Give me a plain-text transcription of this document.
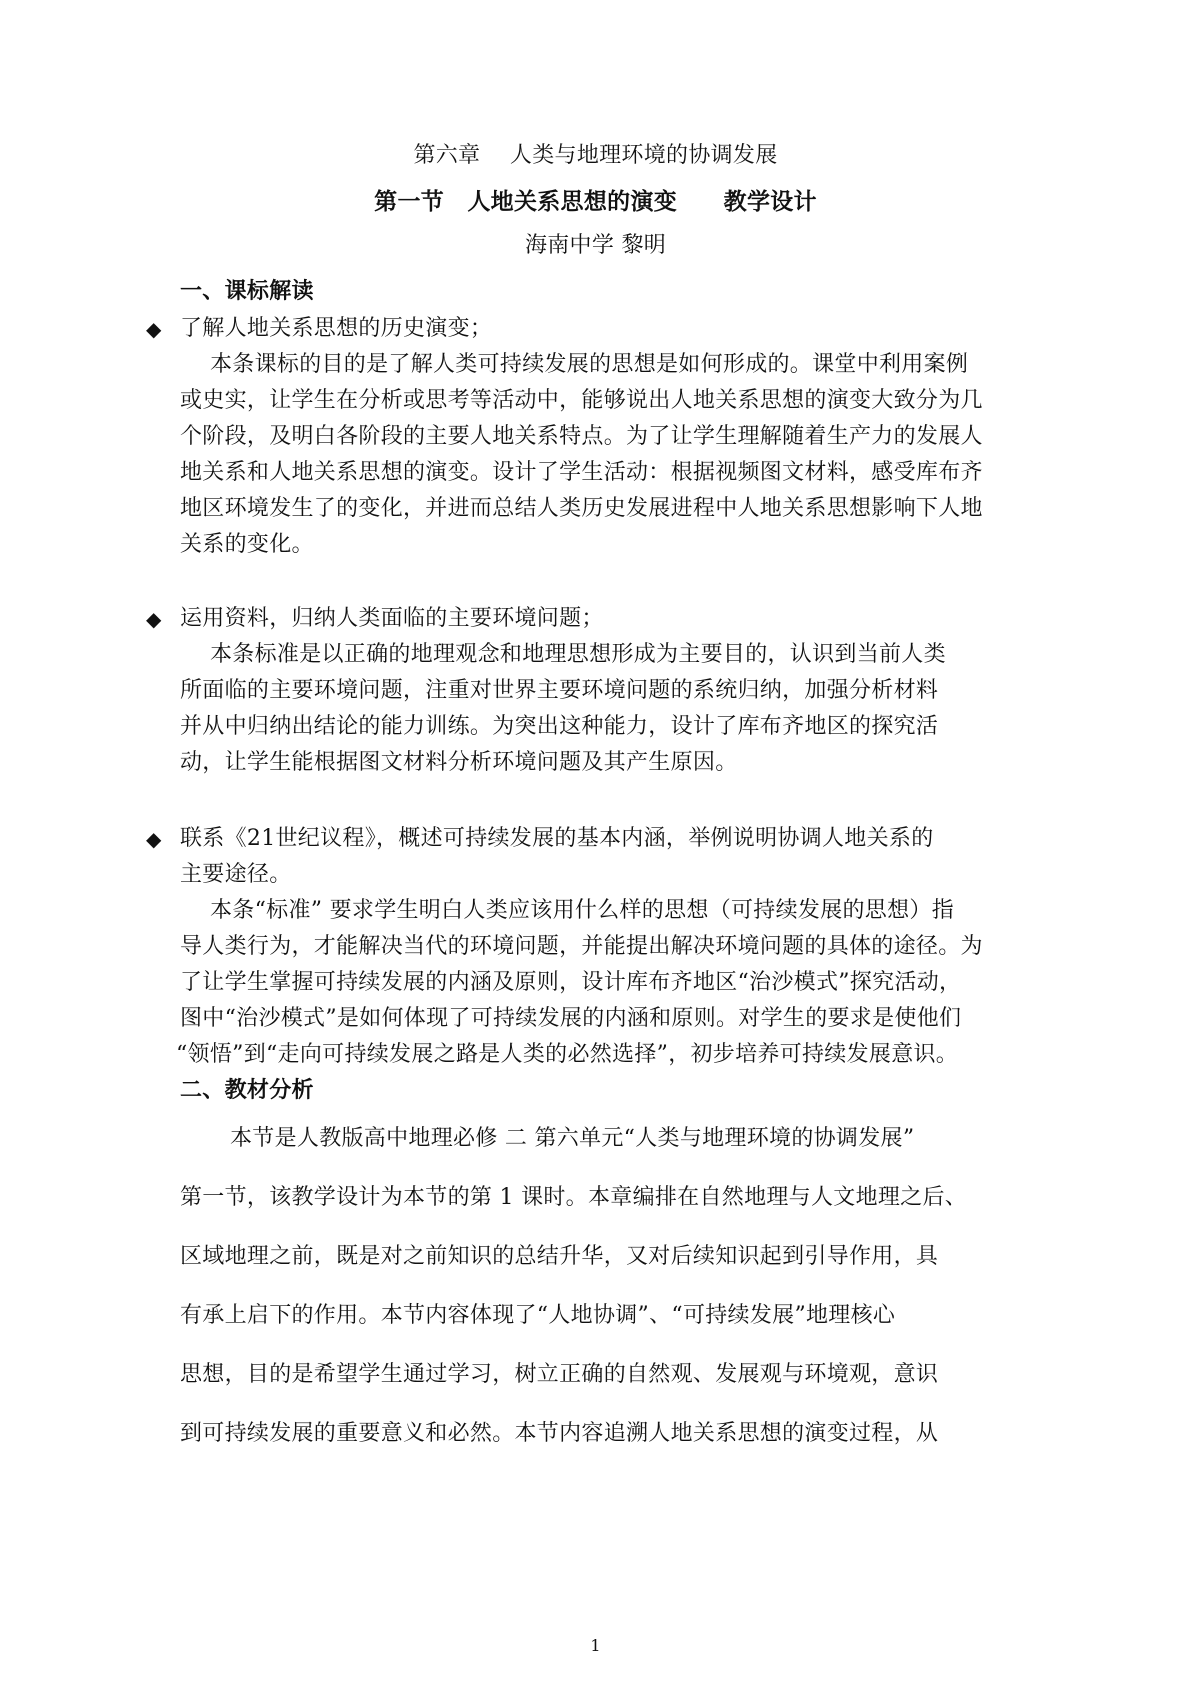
第六章　 人类与地理环境的协调发展
第一节　人地关系思想的演变　　教学设计
海南中学 黎明
一、课标解读
◆ 了解人地关系思想的历史演变；
本条课标的目的是了解人类可持续发展的思想是如何形成的。课堂中利用案例
或史实，让学生在分析或思考等活动中，能够说出人地关系思想的演变大致分为几
个阶段，及明白各阶段的主要人地关系特点。为了让学生理解随着生产力的发展人
地关系和人地关系思想的演变。设计了学生活动：根据视频图文材料，感受库布齐
地区环境发生了的变化，并进而总结人类历史发展进程中人地关系思想影响下人地
关系的变化。
◆ 运用资料，归纳人类面临的主要环境问题；
本条标准是以正确的地理观念和地理思想形成为主要目的，认识到当前人类
所面临的主要环境问题，注重对世界主要环境问题的系统归纳，加强分析材料
并从中归纳出结论的能力训练。为突出这种能力，设计了库布齐地区的探究活
动，让学生能根据图文材料分析环境问题及其产生原因。
◆ 联系《21世纪议程》，概述可持续发展的基本内涵，举例说明协调人地关系的
主要途径。
本条“标准” 要求学生明白人类应该用什么样的思想（可持续发展的思想）指
导人类行为，才能解决当代的环境问题，并能提出解决环境问题的具体的途径。为
了让学生掌握可持续发展的内涵及原则，设计库布齐地区“治沙模式”探究活动，
图中“治沙模式”是如何体现了可持续发展的内涵和原则。对学生的要求是使他们
“领悟”到“走向可持续发展之路是人类的必然选择”，初步培养可持续发展意识。
二、教材分析
本节是人教版高中地理必修 二 第六单元“人类与地理环境的协调发展”
第一节，该教学设计为本节的第 1 课时。本章编排在自然地理与人文地理之后、
区域地理之前，既是对之前知识的总结升华，又对后续知识起到引导作用，具
有承上启下的作用。本节内容体现了“人地协调”、“可持续发展”地理核心
思想，目的是希望学生通过学习，树立正确的自然观、发展观与环境观，意识
到可持续发展的重要意义和必然。本节内容追溯人地关系思想的演变过程，从
1
